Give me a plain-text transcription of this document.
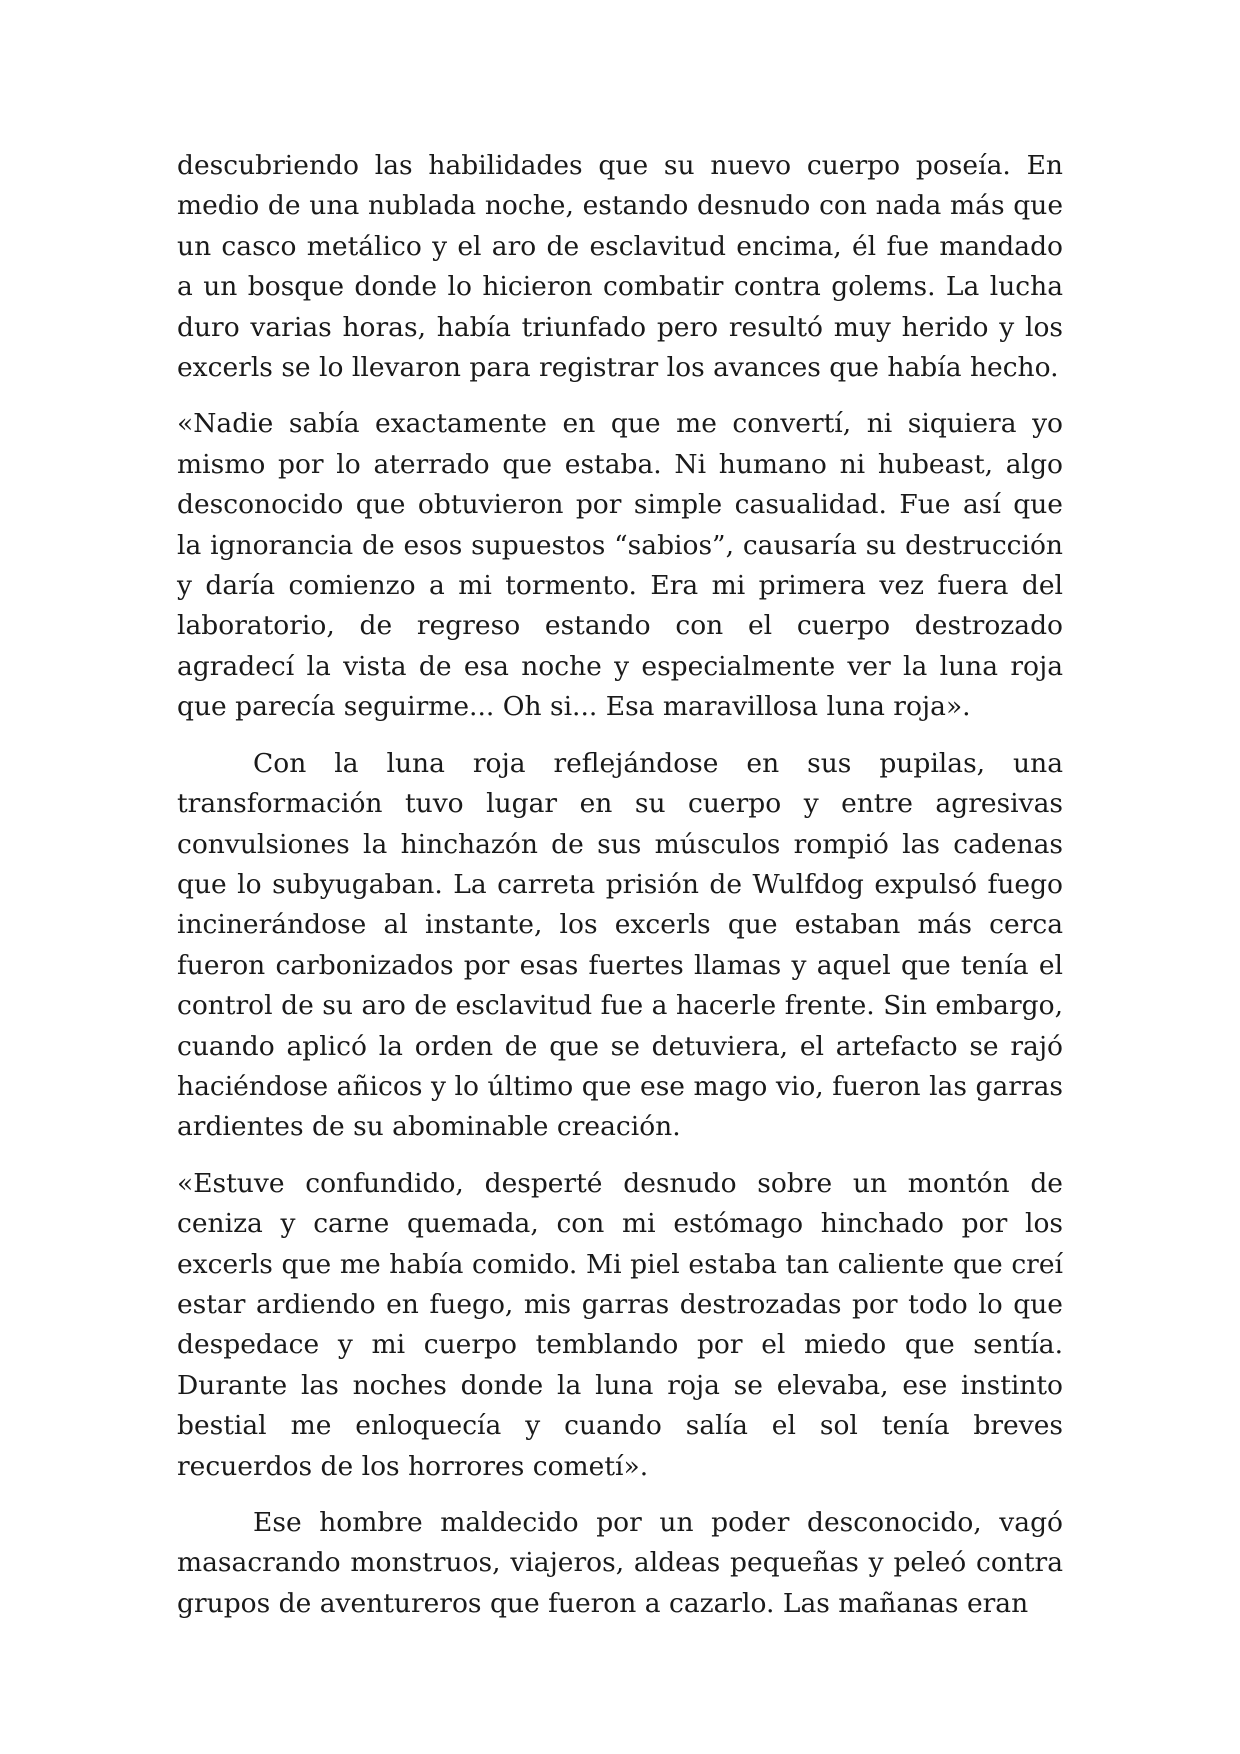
descubriendo las habilidades que su nuevo cuerpo poseía. En medio de una nublada noche, estando desnudo con nada más que un casco metálico y el aro de esclavitud encima, él fue mandado a un bosque donde lo hicieron combatir contra golems. La lucha duro varias horas, había triunfado pero resultó muy herido y los excerls se lo llevaron para registrar los avances que había hecho.

«Nadie sabía exactamente en que me convertí, ni siquiera yo mismo por lo aterrado que estaba. Ni humano ni hubeast, algo desconocido que obtuvieron por simple casualidad. Fue así que la ignorancia de esos supuestos “sabios”, causaría su destrucción y daría comienzo a mi tormento. Era mi primera vez fuera del laboratorio, de regreso estando con el cuerpo destrozado agradecí la vista de esa noche y especialmente ver la luna roja que parecía seguirme... Oh si... Esa maravillosa luna roja».

Con la luna roja reflejándose en sus pupilas, una transformación tuvo lugar en su cuerpo y entre agresivas convulsiones la hinchazón de sus músculos rompió las cadenas que lo subyugaban. La carreta prisión de Wulfdog expulsó fuego incinerándose al instante, los excerls que estaban más cerca fueron carbonizados por esas fuertes llamas y aquel que tenía el control de su aro de esclavitud fue a hacerle frente. Sin embargo, cuando aplicó la orden de que se detuviera, el artefacto se rajó haciéndose añicos y lo último que ese mago vio, fueron las garras ardientes de su abominable creación.

«Estuve confundido, desperté desnudo sobre un montón de ceniza y carne quemada, con mi estómago hinchado por los excerls que me había comido. Mi piel estaba tan caliente que creí estar ardiendo en fuego, mis garras destrozadas por todo lo que despedace y mi cuerpo temblando por el miedo que sentía. Durante las noches donde la luna roja se elevaba, ese instinto bestial me enloquecía y cuando salía el sol tenía breves recuerdos de los horrores cometí».

Ese hombre maldecido por un poder desconocido, vagó masacrando monstruos, viajeros, aldeas pequeñas y peleó contra grupos de aventureros que fueron a cazarlo. Las mañanas eran
